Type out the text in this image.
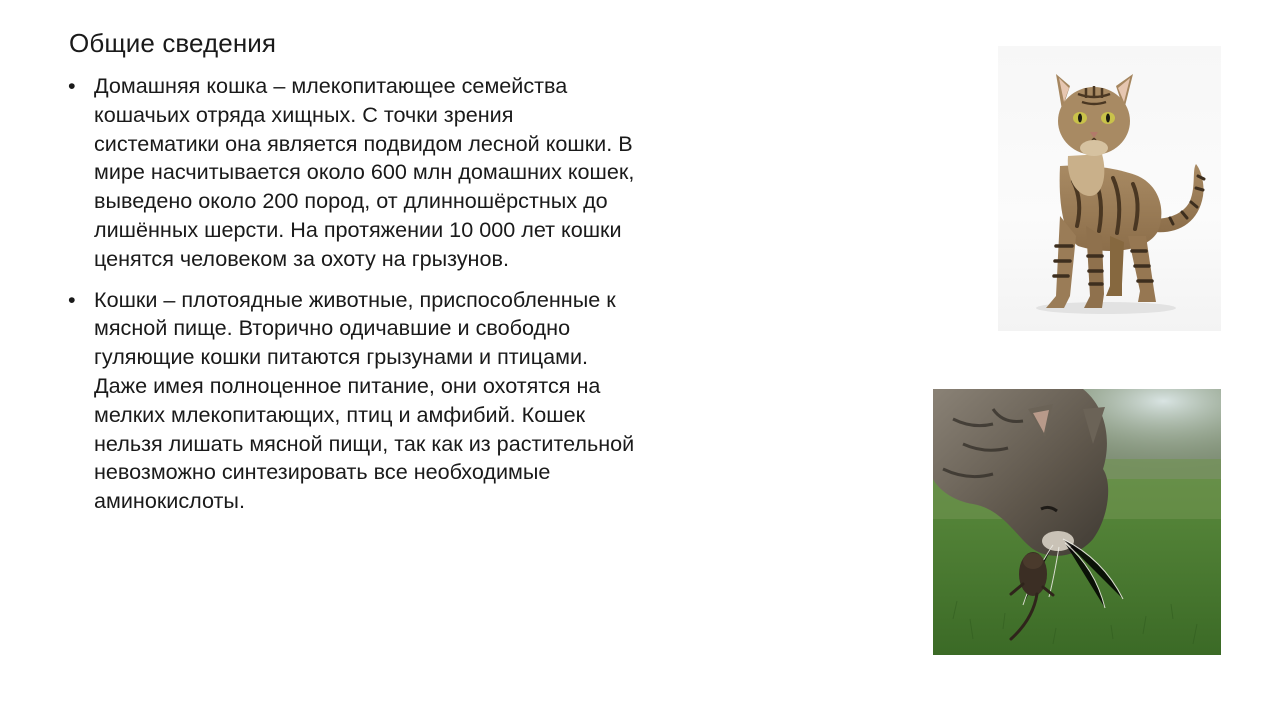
Общие сведения
• Домашняя кошка – млекопитающее семейства кошачьих отряда хищных. С точки зрения систематики она является подвидом лесной кошки. В мире насчитывается около 600 млн домашних кошек, выведено около 200 пород, от длинношёрстных до лишённых шерсти. На протяжении 10 000 лет кошки ценятся человеком за охоту на грызунов.
• Кошки – плотоядные животные, приспособленные к мясной пище. Вторично одичавшие и свободно гуляющие кошки питаются грызунами и птицами. Даже имея полноценное питание, они охотятся на мелких млекопитающих, птиц и амфибий. Кошек нельзя лишать мясной пищи, так как из растительной невозможно синтезировать все необходимые аминокислоты.
